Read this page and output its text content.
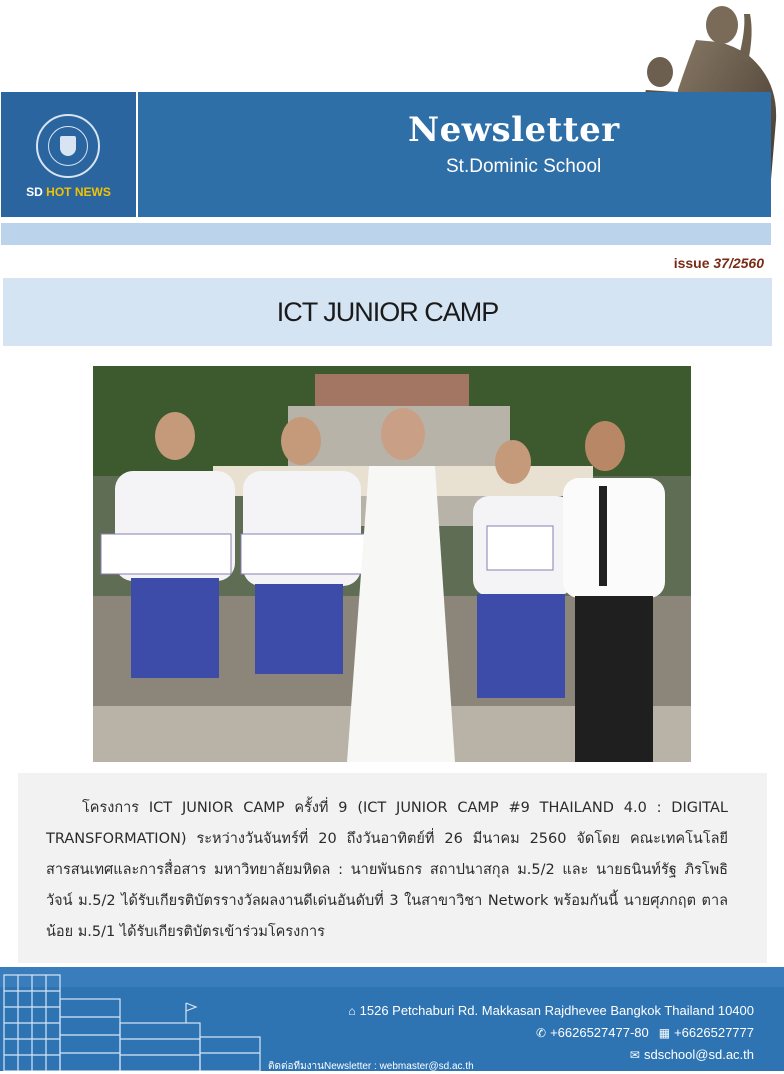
SD HOT NEWS
Newsletter
St.Dominic School
issue 37/2560
ICT JUNIOR CAMP
โครงการ ICT JUNIOR CAMP ครั้งที่ 9 (ICT JUNIOR CAMP #9 THAILAND 4.0 : DIGITAL TRANSFORMATION) ระหว่างวันจันทร์ที่ 20 ถึงวันอาทิตย์ที่ 26 มีนาคม 2560 จัดโดย คณะเทคโนโลยีสารสนเทศและการสื่อสาร มหาวิทยาลัยมหิดล : นายพันธกร สถาปนาสกุล ม.5/2 และ นายธนินท์รัฐ ภิรโพธิวัจน์ ม.5/2 ได้รับเกียรติบัตรรางวัลผลงานดีเด่นอันดับที่ 3 ในสาขาวิชา Network พร้อมกันนี้ นายศุภกฤต ตาลน้อย ม.5/1 ได้รับเกียรติบัตรเข้าร่วมโครงการ
⌂ 1526 Petchaburi Rd. Makkasan Rajdhevee Bangkok Thailand 10400
✆ +6626527477-80 ▦ +6626527777
✉ sdschool@sd.ac.th
ติดต่อทีมงานNewsletter : webmaster@sd.ac.th
